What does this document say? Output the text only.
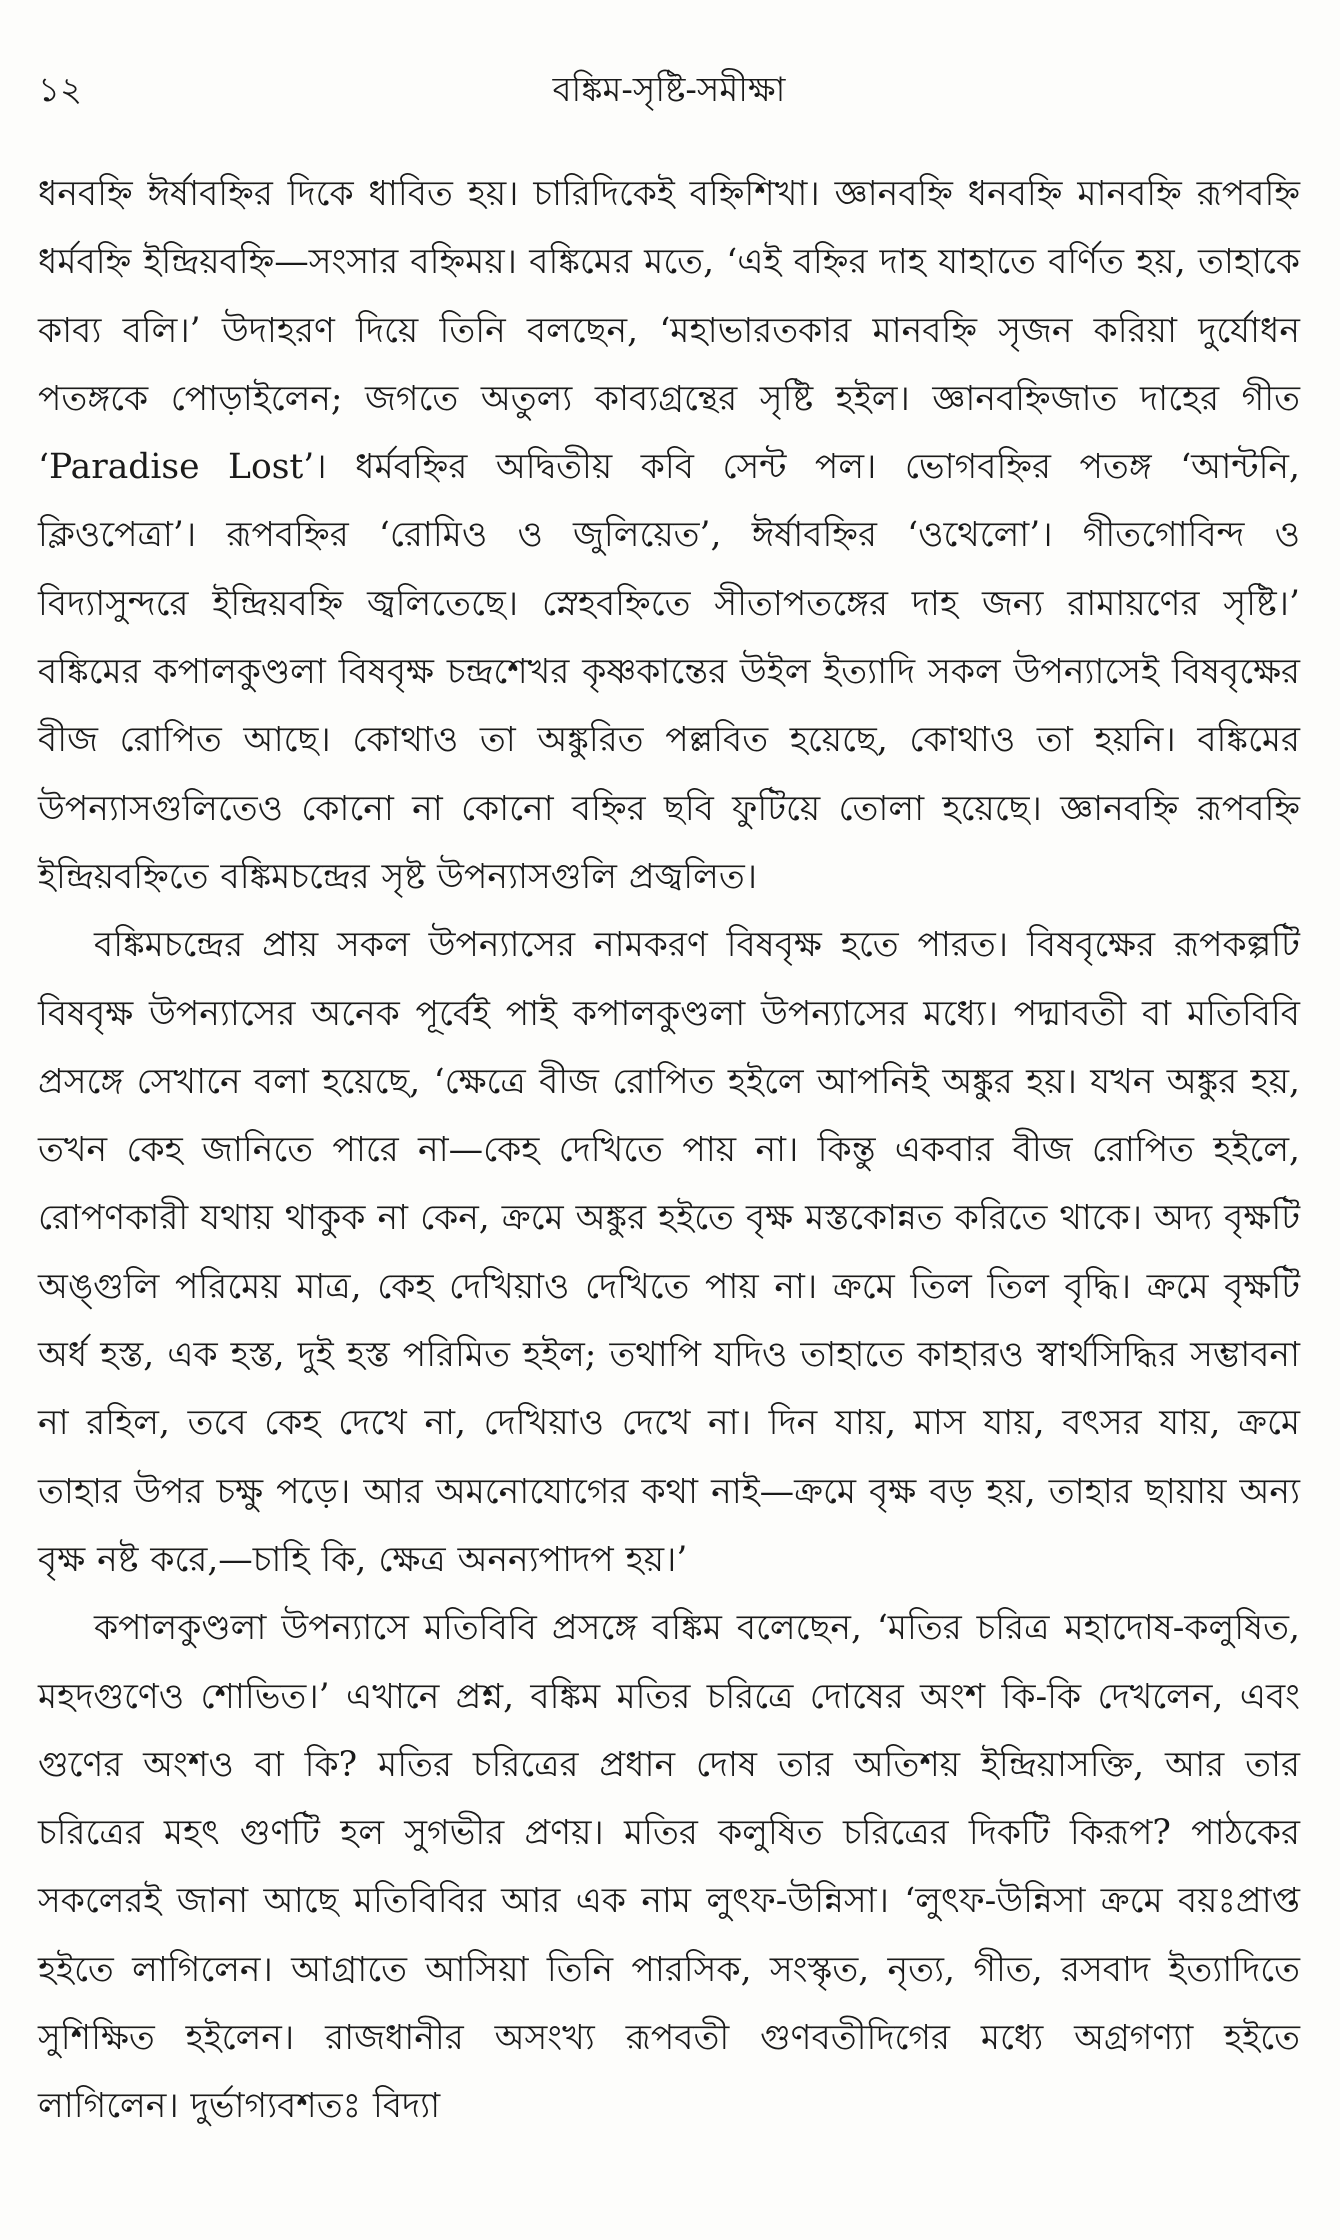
১২	বঙ্কিম-সৃষ্টি-সমীক্ষা

ধনবহ্নি ঈর্ষাবহ্নির দিকে ধাবিত হয়। চারিদিকেই বহ্নিশিখা। জ্ঞানবহ্নি ধনবহ্নি মানবহ্নি রূপবহ্নি ধর্মবহ্নি ইন্দ্রিয়বহ্নি—সংসার বহ্নিময়। বঙ্কিমের মতে, ‘এই বহ্নির দাহ যাহাতে বর্ণিত হয়, তাহাকে কাব্য বলি।’ উদাহরণ দিয়ে তিনি বলছেন, ‘মহাভারতকার মানবহ্নি সৃজন করিয়া দুর্যোধন পতঙ্গকে পোড়াইলেন; জগতে অতুল্য কাব্যগ্রন্থের সৃষ্টি হইল। জ্ঞানবহ্নিজাত দাহের গীত ‘Paradise Lost’। ধর্মবহ্নির অদ্বিতীয় কবি সেন্ট পল। ভোগবহ্নির পতঙ্গ ‘আন্টনি, ক্লিওপেত্রা’। রূপবহ্নির ‘রোমিও ও জুলিয়েত’, ঈর্ষাবহ্নির ‘ওথেলো’। গীতগোবিন্দ ও বিদ্যাসুন্দরে ইন্দ্রিয়বহ্নি জ্বলিতেছে। স্নেহবহ্নিতে সীতাপতঙ্গের দাহ জন্য রামায়ণের সৃষ্টি।’ বঙ্কিমের কপালকুণ্ডলা বিষবৃক্ষ চন্দ্রশেখর কৃষ্ণকান্তের উইল ইত্যাদি সকল উপন্যাসেই বিষবৃক্ষের বীজ রোপিত আছে। কোথাও তা অঙ্কুরিত পল্লবিত হয়েছে, কোথাও তা হয়নি। বঙ্কিমের উপন্যাসগুলিতেও কোনো না কোনো বহ্নির ছবি ফুটিয়ে তোলা হয়েছে। জ্ঞানবহ্নি রূপবহ্নি ইন্দ্রিয়বহ্নিতে বঙ্কিমচন্দ্রের সৃষ্ট উপন্যাসগুলি প্রজ্বলিত।

বঙ্কিমচন্দ্রের প্রায় সকল উপন্যাসের নামকরণ বিষবৃক্ষ হতে পারত। বিষবৃক্ষের রূপকল্পটি বিষবৃক্ষ উপন্যাসের অনেক পূর্বেই পাই কপালকুণ্ডলা উপন্যাসের মধ্যে। পদ্মাবতী বা মতিবিবি প্রসঙ্গে সেখানে বলা হয়েছে, ‘ক্ষেত্রে বীজ রোপিত হইলে আপনিই অঙ্কুর হয়। যখন অঙ্কুর হয়, তখন কেহ জানিতে পারে না—কেহ দেখিতে পায় না। কিন্তু একবার বীজ রোপিত হইলে, রোপণকারী যথায় থাকুক না কেন, ক্রমে অঙ্কুর হইতে বৃক্ষ মস্তকোন্নত করিতে থাকে। অদ্য বৃক্ষটি অঙ্গুলি পরিমেয় মাত্র, কেহ দেখিয়াও দেখিতে পায় না। ক্রমে তিল তিল বৃদ্ধি। ক্রমে বৃক্ষটি অর্ধ হস্ত, এক হস্ত, দুই হস্ত পরিমিত হইল; তথাপি যদিও তাহাতে কাহারও স্বার্থসিদ্ধির সম্ভাবনা না রহিল, তবে কেহ দেখে না, দেখিয়াও দেখে না। দিন যায়, মাস যায়, বৎসর যায়, ক্রমে তাহার উপর চক্ষু পড়ে। আর অমনোযোগের কথা নাই—ক্রমে বৃক্ষ বড় হয়, তাহার ছায়ায় অন্য বৃক্ষ নষ্ট করে,—চাহি কি, ক্ষেত্র অনন্যপাদপ হয়।’

কপালকুণ্ডলা উপন্যাসে মতিবিবি প্রসঙ্গে বঙ্কিম বলেছেন, ‘মতির চরিত্র মহাদোষ-কলুষিত, মহদগুণেও শোভিত।’ এখানে প্রশ্ন, বঙ্কিম মতির চরিত্রে দোষের অংশ কি-কি দেখলেন, এবং গুণের অংশও বা কি? মতির চরিত্রের প্রধান দোষ তার অতিশয় ইন্দ্রিয়াসক্তি, আর তার চরিত্রের মহৎ গুণটি হল সুগভীর প্রণয়। মতির কলুষিত চরিত্রের দিকটি কিরূপ? পাঠকের সকলেরই জানা আছে মতিবিবির আর এক নাম লুৎফ-উন্নিসা। ‘লুৎফ-উন্নিসা ক্রমে বয়ঃপ্রাপ্ত হইতে লাগিলেন। আগ্রাতে আসিয়া তিনি পারসিক, সংস্কৃত, নৃত্য, গীত, রসবাদ ইত্যাদিতে সুশিক্ষিত হইলেন। রাজধানীর অসংখ্য রূপবতী গুণবতীদিগের মধ্যে অগ্রগণ্যা হইতে লাগিলেন। দুর্ভাগ্যবশতঃ বিদ্যা
